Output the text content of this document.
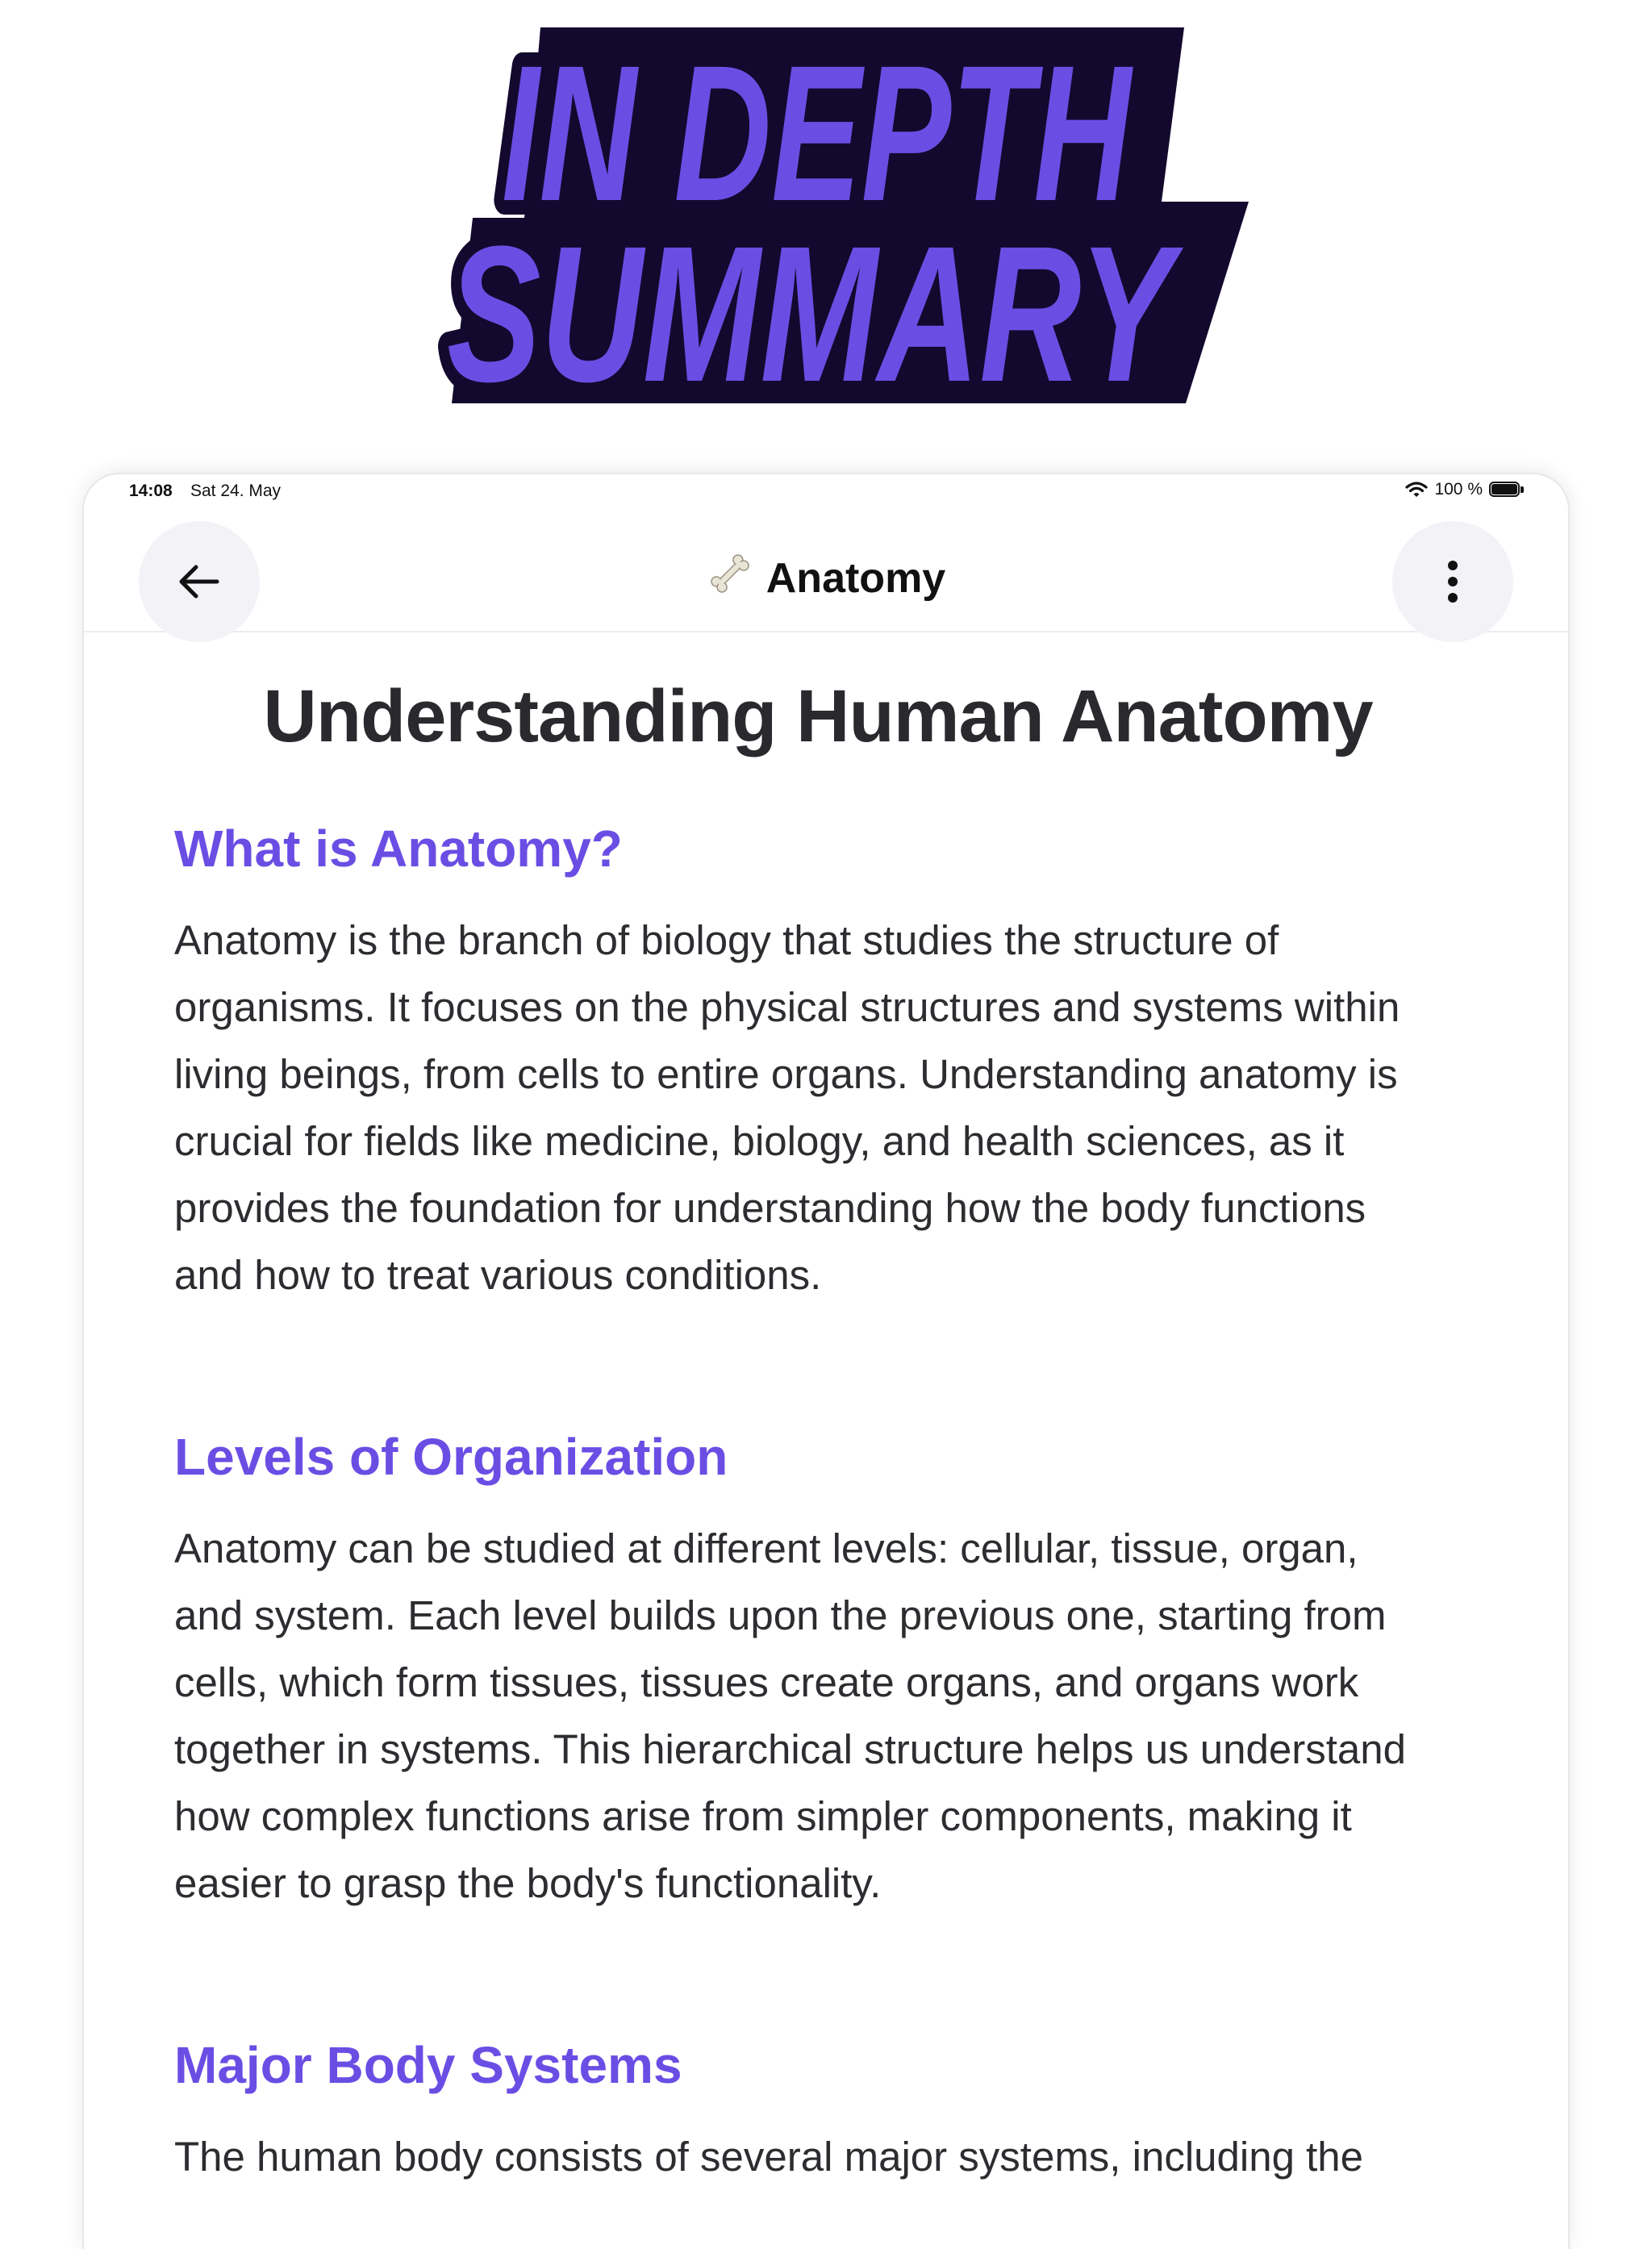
IN DEPTH
SUMMARY
14:08 Sat 24. May	100 %
Anatomy
Understanding Human Anatomy
What is Anatomy?

Anatomy is the branch of biology that studies the structure of
organisms. It focuses on the physical structures and systems within
living beings, from cells to entire organs. Understanding anatomy is
crucial for fields like medicine, biology, and health sciences, as it
provides the foundation for understanding how the body functions
and how to treat various conditions.

Levels of Organization

Anatomy can be studied at different levels: cellular, tissue, organ,
and system. Each level builds upon the previous one, starting from
cells, which form tissues, tissues create organs, and organs work
together in systems. This hierarchical structure helps us understand
how complex functions arise from simpler components, making it
easier to grasp the body's functionality.

Major Body Systems

The human body consists of several major systems, including the
